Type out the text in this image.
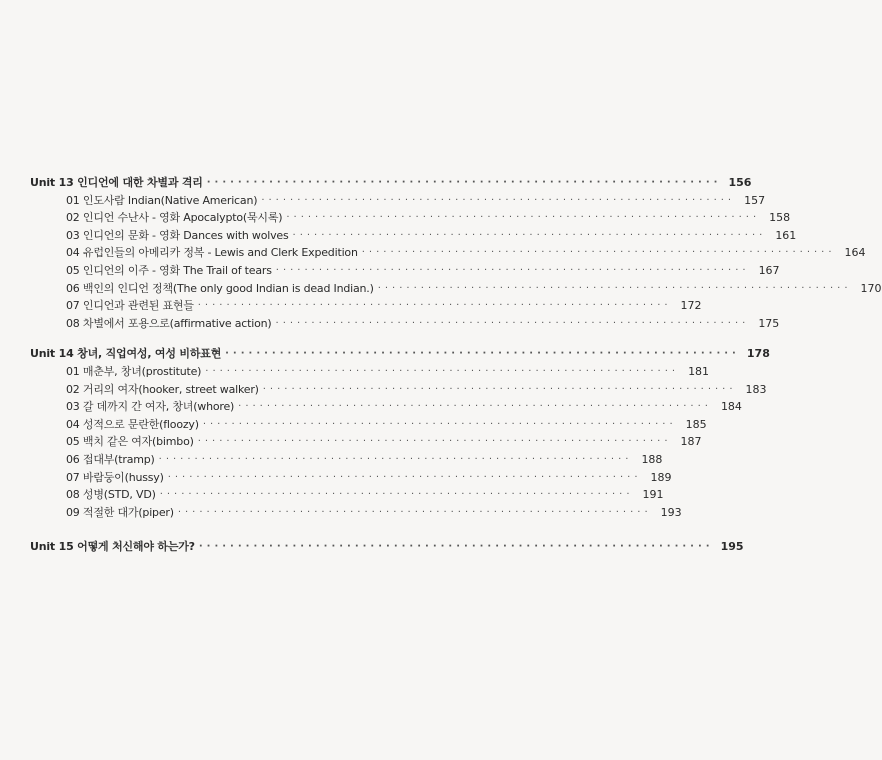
Unit 13 인디언에 대한 차별과 격리 ·································································· 156
01 인도사람 Indian(Native American) ·································································· 157
02 인디언 수난사 - 영화 Apocalypto(묵시록) ·································································· 158
03 인디언의 문화 - 영화 Dances with wolves ·································································· 161
04 유럽인들의 아메리카 정복 - Lewis and Clerk Expedition ·································································· 164
05 인디언의 이주 - 영화 The Trail of tears ·································································· 167
06 백인의 인디언 정책(The only good Indian is dead Indian.) ·································································· 170
07 인디언과 관련된 표현들 ·································································· 172
08 차별에서 포용으로(affirmative action) ·································································· 175
Unit 14 창녀, 직업여성, 여성 비하표현 ·································································· 178
01 매춘부, 창녀(prostitute) ·································································· 181
02 거리의 여자(hooker, street walker) ·································································· 183
03 갈 데까지 간 여자, 창녀(whore) ·································································· 184
04 성적으로 문란한(floozy) ·································································· 185
05 백치 같은 여자(bimbo) ·································································· 187
06 접대부(tramp) ·································································· 188
07 바람둥이(hussy) ·································································· 189
08 성병(STD, VD) ·································································· 191
09 적절한 대가(piper) ·································································· 193
Unit 15 어떻게 처신해야 하는가? ·································································· 195
